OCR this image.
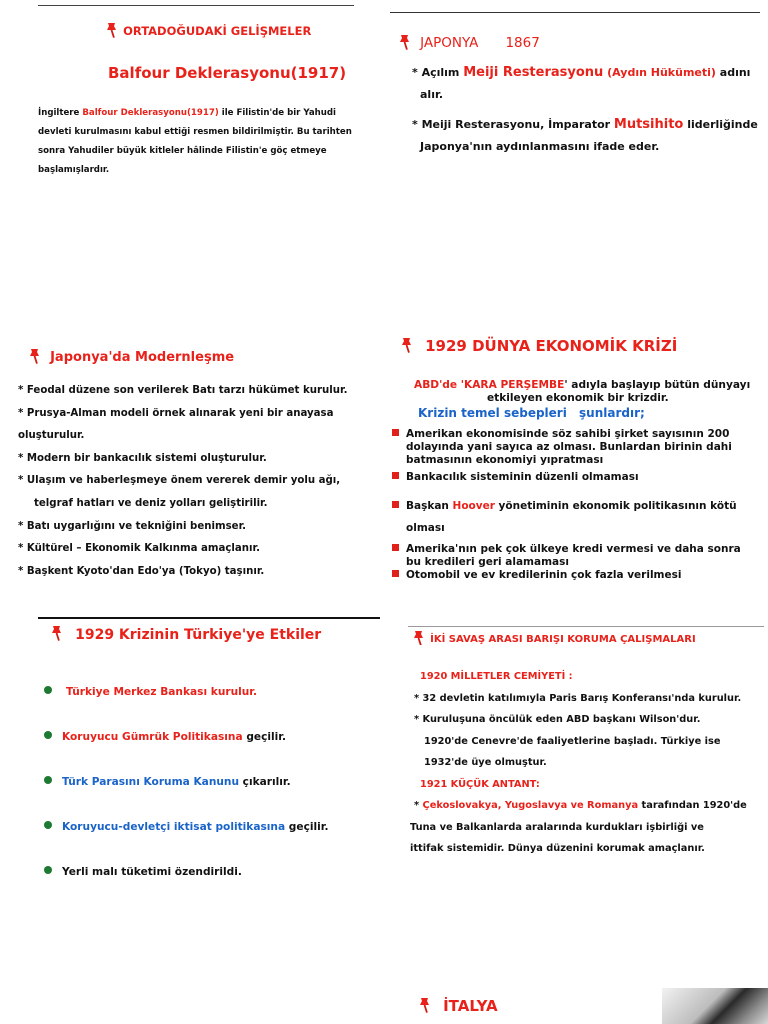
ORTADOĞUDAKİ GELİŞMELER
Balfour Deklerasyonu(1917)
İngiltere Balfour Deklerasyonu(1917) ile Filistin'de bir Yahudi
devleti kurulmasını kabul ettiği resmen bildirilmiştir. Bu tarihten
sonra Yahudiler büyük kitleler hâlinde Filistin'e göç etmeye
başlamışlardır.
JAPONYA 1867
* Açılım Meiji Resterasyonu (Aydın Hükümeti) adını
alır.
* Meiji Resterasyonu, İmparator Mutsihito liderliğinde
Japonya'nın aydınlanmasını ifade eder.
Japonya'da Modernleşme
* Feodal düzene son verilerek Batı tarzı hükümet kurulur.
* Prusya-Alman modeli örnek alınarak yeni bir anayasa
oluşturulur.
* Modern bir bankacılık sistemi oluşturulur.
* Ulaşım ve haberleşmeye önem vererek demir yolu ağı,
telgraf hatları ve deniz yolları geliştirilir.
* Batı uygarlığını ve tekniğini benimser.
* Kültürel – Ekonomik Kalkınma amaçlanır.
* Başkent Kyoto'dan Edo'ya (Tokyo) taşınır.
1929 DÜNYA EKONOMİK KRİZİ
ABD'de 'KARA PERŞEMBE' adıyla başlayıp bütün dünyayı
etkileyen ekonomik bir krizdir.
Krizin temel sebepleri şunlardır;
Amerikan ekonomisinde söz sahibi şirket sayısının 200
dolayında yani sayıca az olması. Bunlardan birinin dahi
batmasının ekonomiyi yıpratması
Bankacılık sisteminin düzenli olmaması
Başkan Hoover yönetiminin ekonomik politikasının kötü
olması
Amerika'nın pek çok ülkeye kredi vermesi ve daha sonra
bu kredileri geri alamaması
Otomobil ve ev kredilerinin çok fazla verilmesi
1929 Krizinin Türkiye'ye Etkiler
Türkiye Merkez Bankası kurulur.
Koruyucu Gümrük Politikasına geçilir.
Türk Parasını Koruma Kanunu çıkarılır.
Koruyucu-devletçi iktisat politikasına geçilir.
Yerli malı tüketimi özendirildi.
İKİ SAVAŞ ARASI BARIŞI KORUMA ÇALIŞMALARI
1920 MİLLETLER CEMİYETİ :
* 32 devletin katılımıyla Paris Barış Konferansı'nda kurulur.
* Kuruluşuna öncülük eden ABD başkanı Wilson'dur.
1920'de Cenevre'de faaliyetlerine başladı. Türkiye ise
1932'de üye olmuştur.
1921 KÜÇÜK ANTANT:
* Çekoslovakya, Yugoslavya ve Romanya tarafından 1920'de
Tuna ve Balkanlarda aralarında kurdukları işbirliği ve
ittifak sistemidir. Dünya düzenini korumak amaçlanır.
İTALYA
